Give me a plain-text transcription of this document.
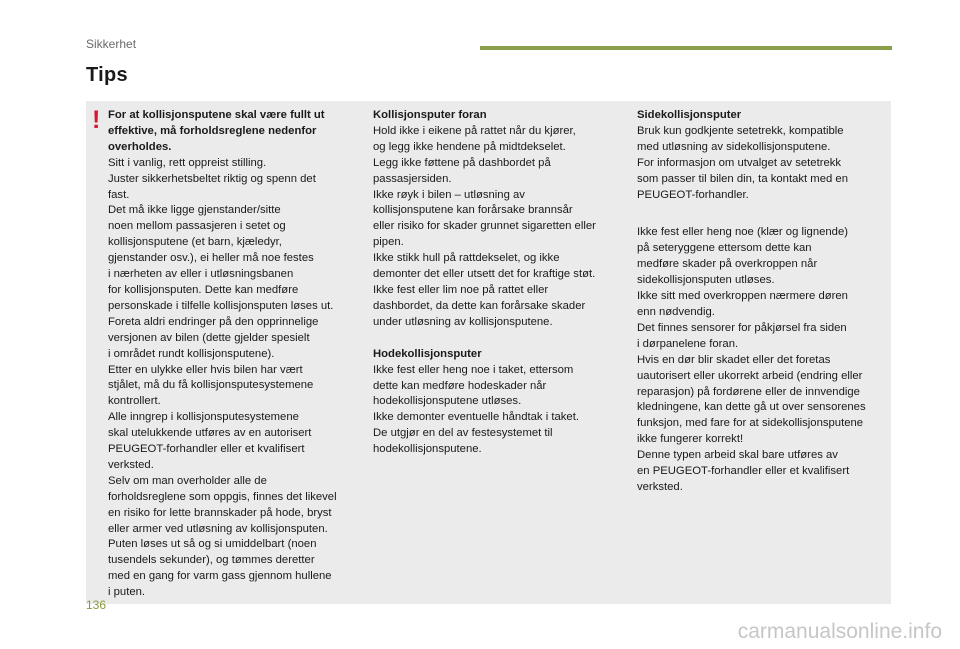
Sikkerhet
Tips
! For at kollisjonsputene skal være fullt ut
effektive, må forholdsreglene nedenfor
overholdes.

Sitt i vanlig, rett oppreist stilling.
Juster sikkerhetsbeltet riktig og spenn det
fast.
Det må ikke ligge gjenstander/sitte
noen mellom passasjeren i setet og
kollisjonsputene (et barn, kjæledyr,
gjenstander osv.), ei heller må noe festes
i nærheten av eller i utløsningsbanen
for kollisjonsputen. Dette kan medføre
personskade i tilfelle kollisjonsputen løses ut.
Foreta aldri endringer på den opprinnelige
versjonen av bilen (dette gjelder spesielt
i området rundt kollisjonsputene).
Etter en ulykke eller hvis bilen har vært
stjålet, må du få kollisjonsputesystemene
kontrollert.
Alle inngrep i kollisjonsputesystemene
skal utelukkende utføres av en autorisert
PEUGEOT-forhandler eller et kvalifisert
verksted.
Selv om man overholder alle de
forholdsreglene som oppgis, finnes det likevel
en risiko for lette brannskader på hode, bryst
eller armer ved utløsning av kollisjonsputen.
Puten løses ut så og si umiddelbart (noen
tusendels sekunder), og tømmes deretter
med en gang for varm gass gjennom hullene
i puten.

Kollisjonsputer foran

Hold ikke i eikene på rattet når du kjører,
og legg ikke hendene på midtdekselet.
Legg ikke føttene på dashbordet på
passasjersiden.
Ikke røyk i bilen – utløsning av
kollisjonsputene kan forårsake brannsår
eller risiko for skader grunnet sigaretten eller
pipen.
Ikke stikk hull på rattdekselet, og ikke
demonter det eller utsett det for kraftige støt.
Ikke fest eller lim noe på rattet eller
dashbordet, da dette kan forårsake skader
under utløsning av kollisjonsputene.

Hodekollisjonsputer

Ikke fest eller heng noe i taket, ettersom
dette kan medføre hodeskader når
hodekollisjonsputene utløses.
Ikke demonter eventuelle håndtak i taket.
De utgjør en del av festesystemet til
hodekollisjonsputene.

Sidekollisjonsputer

Bruk kun godkjente setetrekk, kompatible
med utløsning av sidekollisjonsputene.
For informasjon om utvalget av setetrekk
som passer til bilen din, ta kontakt med en
PEUGEOT-forhandler.

Ikke fest eller heng noe (klær og lignende)
på seteryggene ettersom dette kan
medføre skader på overkroppen når
sidekollisjonsputen utløses.
Ikke sitt med overkroppen nærmere døren
enn nødvendig.
Det finnes sensorer for påkjørsel fra siden
i dørpanelene foran.
Hvis en dør blir skadet eller det foretas
uautorisert eller ukorrekt arbeid (endring eller
reparasjon) på fordørene eller de innvendige
kledningene, kan dette gå ut over sensorenes
funksjon, med fare for at sidekollisjonsputene
ikke fungerer korrekt!
Denne typen arbeid skal bare utføres av
en PEUGEOT-forhandler eller et kvalifisert
verksted.

136
carmanualsonline.info
